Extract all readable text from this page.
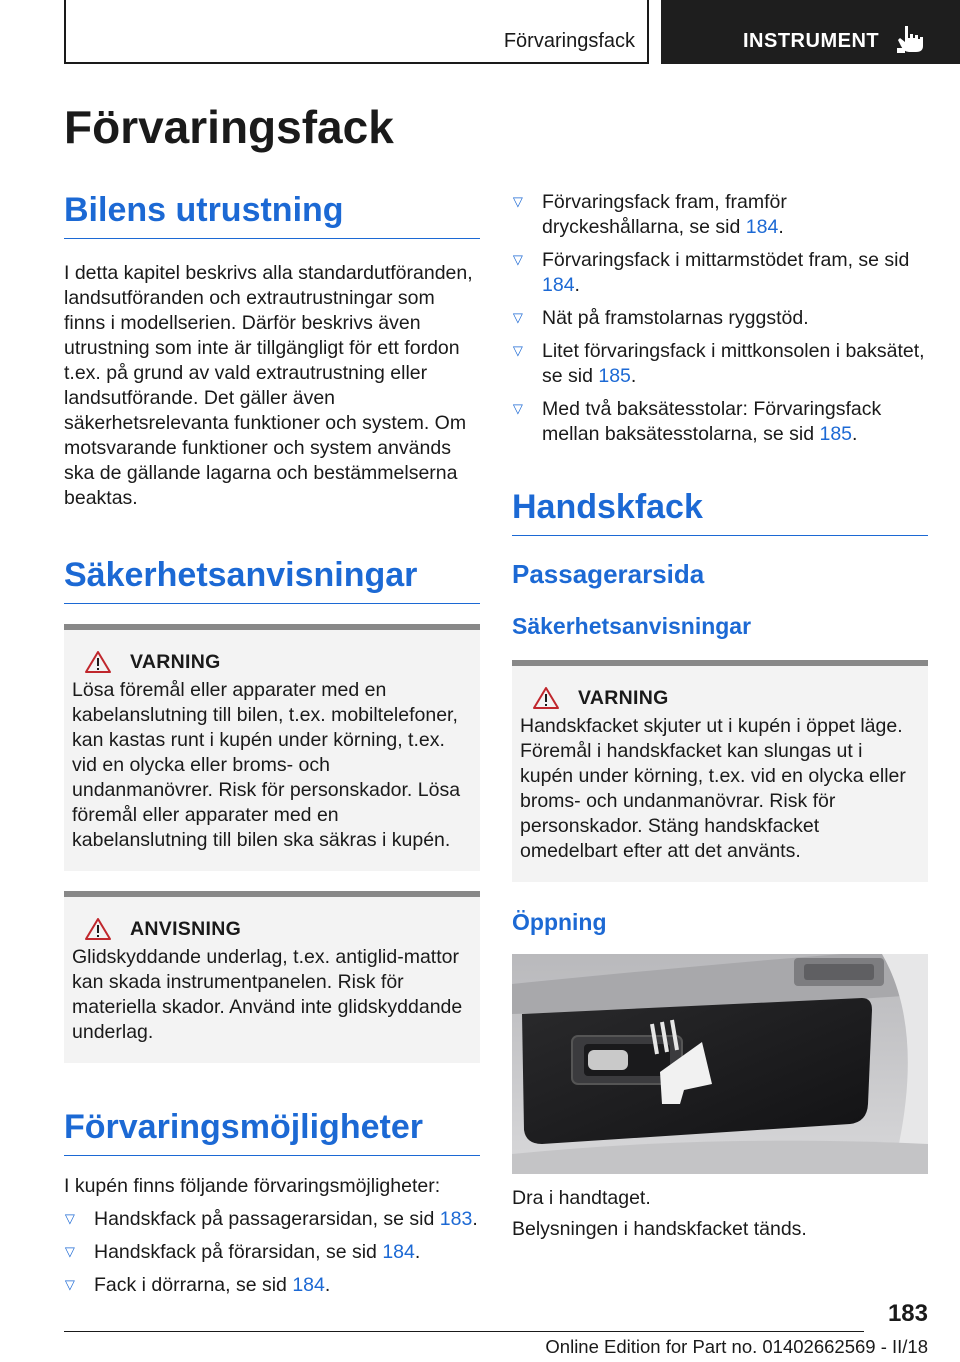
Förvaringsfack	INSTRUMENT
Förvaringsfack
Bilens utrustning

I detta kapitel beskrivs alla standardutföranden, landsutföranden och extrautrustningar som finns i modellserien. Därför beskrivs även utrustning som inte är tillgängligt för ett fordon t.ex. på grund av vald extrautrustning eller landsutförande. Det gäller även säkerhetsrelevanta funktioner och system. Om motsvarande funktioner och system används ska de gällande lagarna och bestämmelserna beaktas.

Säkerhetsanvisningar
VARNING

Lösa föremål eller apparater med en kabelanslutning till bilen, t.ex. mobiltelefoner, kan kastas runt i kupén under körning, t.ex. vid en olycka eller broms- och undanmanövrer. Risk för personskador. Lösa föremål eller apparater med en kabelanslutning till bilen ska säkras i kupén.

ANVISNING

Glidskyddande underlag, t.ex. antiglid-mattor kan skada instrumentpanelen. Risk för materiella skador. Använd inte glidskyddande underlag.

Förvaringsmöjligheter

I kupén finns följande förvaringsmöjligheter:

▷ Handskfack på passagerarsidan, se sid 183.
▷ Handskfack på förarsidan, se sid 184.
▷ Fack i dörrarna, se sid 184.
▷ Förvaringsfack fram, framför dryckeshållarna, se sid 184.
▷ Förvaringsfack i mittarmstödet fram, se sid 184.
▷ Nät på framstolarnas ryggstöd.
▷ Litet förvaringsfack i mittkonsolen i baksätet, se sid 185.
▷ Med två baksätesstolar: Förvaringsfack mellan baksätesstolarna, se sid 185.
Handskfack
Passagerarsida
Säkerhetsanvisningar
VARNING

Handskfacket skjuter ut i kupén i öppet läge. Föremål i handskfacket kan slungas ut i kupén under körning, t.ex. vid en olycka eller broms- och undanmanövrar. Risk för personskador. Stäng handskfacket omedelbart efter att det använts.

Öppning

Dra i handtaget.

Belysningen i handskfacket tänds.

183
Online Edition for Part no. 01402662569 - II/18
